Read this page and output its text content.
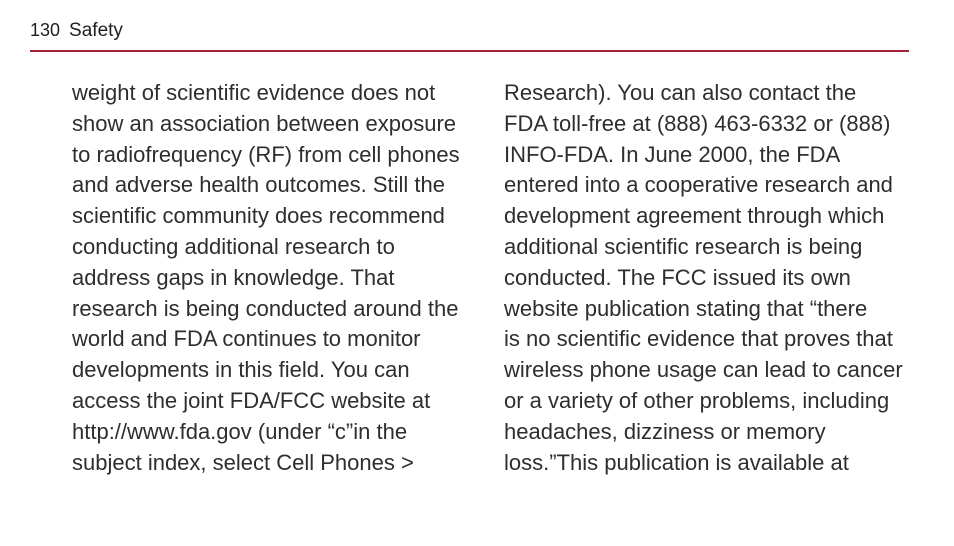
130 Safety
weight of scientific evidence does not
show an association between exposure
to radiofrequency (RF) from cell phones
and adverse health outcomes. Still the
scientific community does recommend
conducting additional research to
address gaps in knowledge. That
research is being conducted around the
world and FDA continues to monitor
developments in this field. You can
access the joint FDA/FCC website at
http://www.fda.gov (under “c”in the
subject index, select Cell Phones >
Research). You can also contact the
FDA toll-free at (888) 463-6332 or (888)
INFO-FDA. In June 2000, the FDA
entered into a cooperative research and
development agreement through which
additional scientific research is being
conducted. The FCC issued its own
website publication stating that “there
is no scientific evidence that proves that
wireless phone usage can lead to cancer
or a variety of other problems, including
headaches, dizziness or memory
loss.”This publication is available at
